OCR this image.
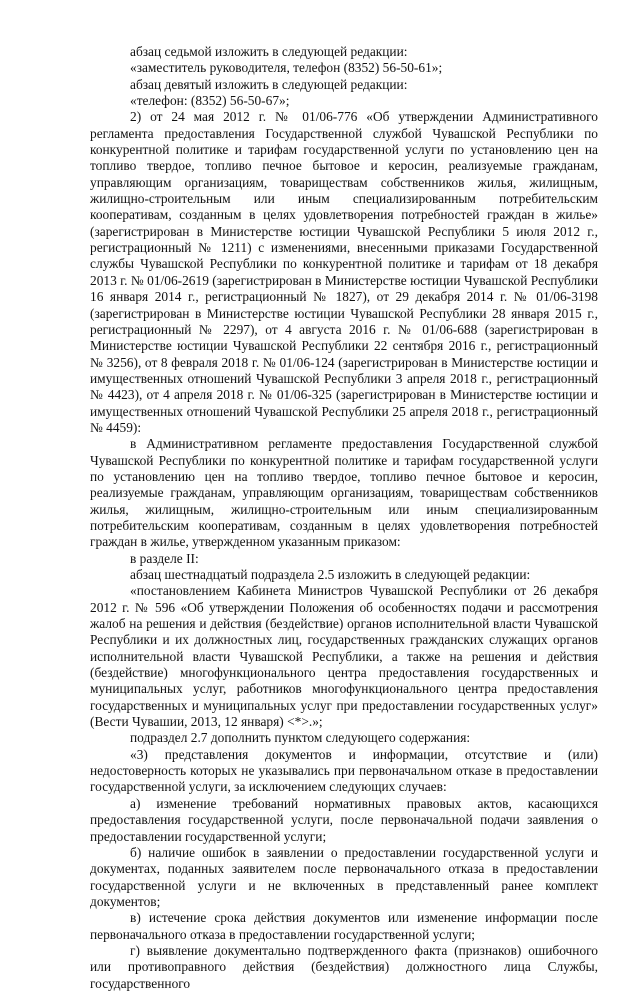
абзац седьмой изложить в следующей редакции:

«заместитель руководителя, телефон (8352) 56-50-61»;

абзац девятый изложить в следующей редакции:

«телефон: (8352) 56-50-67»;

2) от 24 мая 2012 г. № 01/06-776 «Об утверждении Административного регламента предоставления Государственной службой Чувашской Республики по конкурентной политике и тарифам государственной услуги по установлению цен на топливо твердое, топливо печное бытовое и керосин, реализуемые гражданам, управляющим организациям, товариществам собственников жилья, жилищным, жилищно-строительным или иным специализированным потребительским кооперативам, созданным в целях удовлетворения потребностей граждан в жилье» (зарегистрирован в Министерстве юстиции Чувашской Республики 5 июля 2012 г., регистрационный № 1211) с изменениями, внесенными приказами Государственной службы Чувашской Республики по конкурентной политике и тарифам от 18 декабря 2013 г. № 01/06-2619 (зарегистрирован в Министерстве юстиции Чувашской Республики 16 января 2014 г., регистрационный № 1827), от 29 декабря 2014 г. № 01/06-3198 (зарегистрирован в Министерстве юстиции Чувашской Республики 28 января 2015 г., регистрационный № 2297), от 4 августа 2016 г. № 01/06-688 (зарегистрирован в Министерстве юстиции Чувашской Республики 22 сентября 2016 г., регистрационный № 3256), от 8 февраля 2018 г. № 01/06-124 (зарегистрирован в Министерстве юстиции и имущественных отношений Чувашской Республики 3 апреля 2018 г., регистрационный № 4423), от 4 апреля 2018 г. № 01/06-325 (зарегистрирован в Министерстве юстиции и имущественных отношений Чувашской Республики 25 апреля 2018 г., регистрационный № 4459):

в Административном регламенте предоставления Государственной службой Чувашской Республики по конкурентной политике и тарифам государственной услуги по установлению цен на топливо твердое, топливо печное бытовое и керосин, реализуемые гражданам, управляющим организациям, товариществам собственников жилья, жилищным, жилищно-строительным или иным специализированным потребительским кооперативам, созданным в целях удовлетворения потребностей граждан в жилье, утвержденном указанным приказом:

в разделе II:

абзац шестнадцатый подраздела 2.5 изложить в следующей редакции:

«постановлением Кабинета Министров Чувашской Республики от 26 декабря 2012 г. № 596 «Об утверждении Положения об особенностях подачи и рассмотрения жалоб на решения и действия (бездействие) органов исполнительной власти Чувашской Республики и их должностных лиц, государственных гражданских служащих органов исполнительной власти Чувашской Республики, а также на решения и действия (бездействие) многофункционального центра предоставления государственных и муниципальных услуг, работников многофункционального центра предоставления государственных и муниципальных услуг при предоставлении государственных услуг» (Вести Чувашии, 2013, 12 января) <*>.»;

подраздел 2.7 дополнить пунктом следующего содержания:

«3) представления документов и информации, отсутствие и (или) недостоверность которых не указывались при первоначальном отказе в предоставлении государственной услуги, за исключением следующих случаев:

а) изменение требований нормативных правовых актов, касающихся предоставления государственной услуги, после первоначальной подачи заявления о предоставлении государственной услуги;

б) наличие ошибок в заявлении о предоставлении государственной услуги и документах, поданных заявителем после первоначального отказа в предоставлении государственной услуги и не включенных в представленный ранее комплект документов;

в) истечение срока действия документов или изменение информации после первоначального отказа в предоставлении государственной услуги;

г) выявление документально подтвержденного факта (признаков) ошибочного или противоправного действия (бездействия) должностного лица Службы, государственного
